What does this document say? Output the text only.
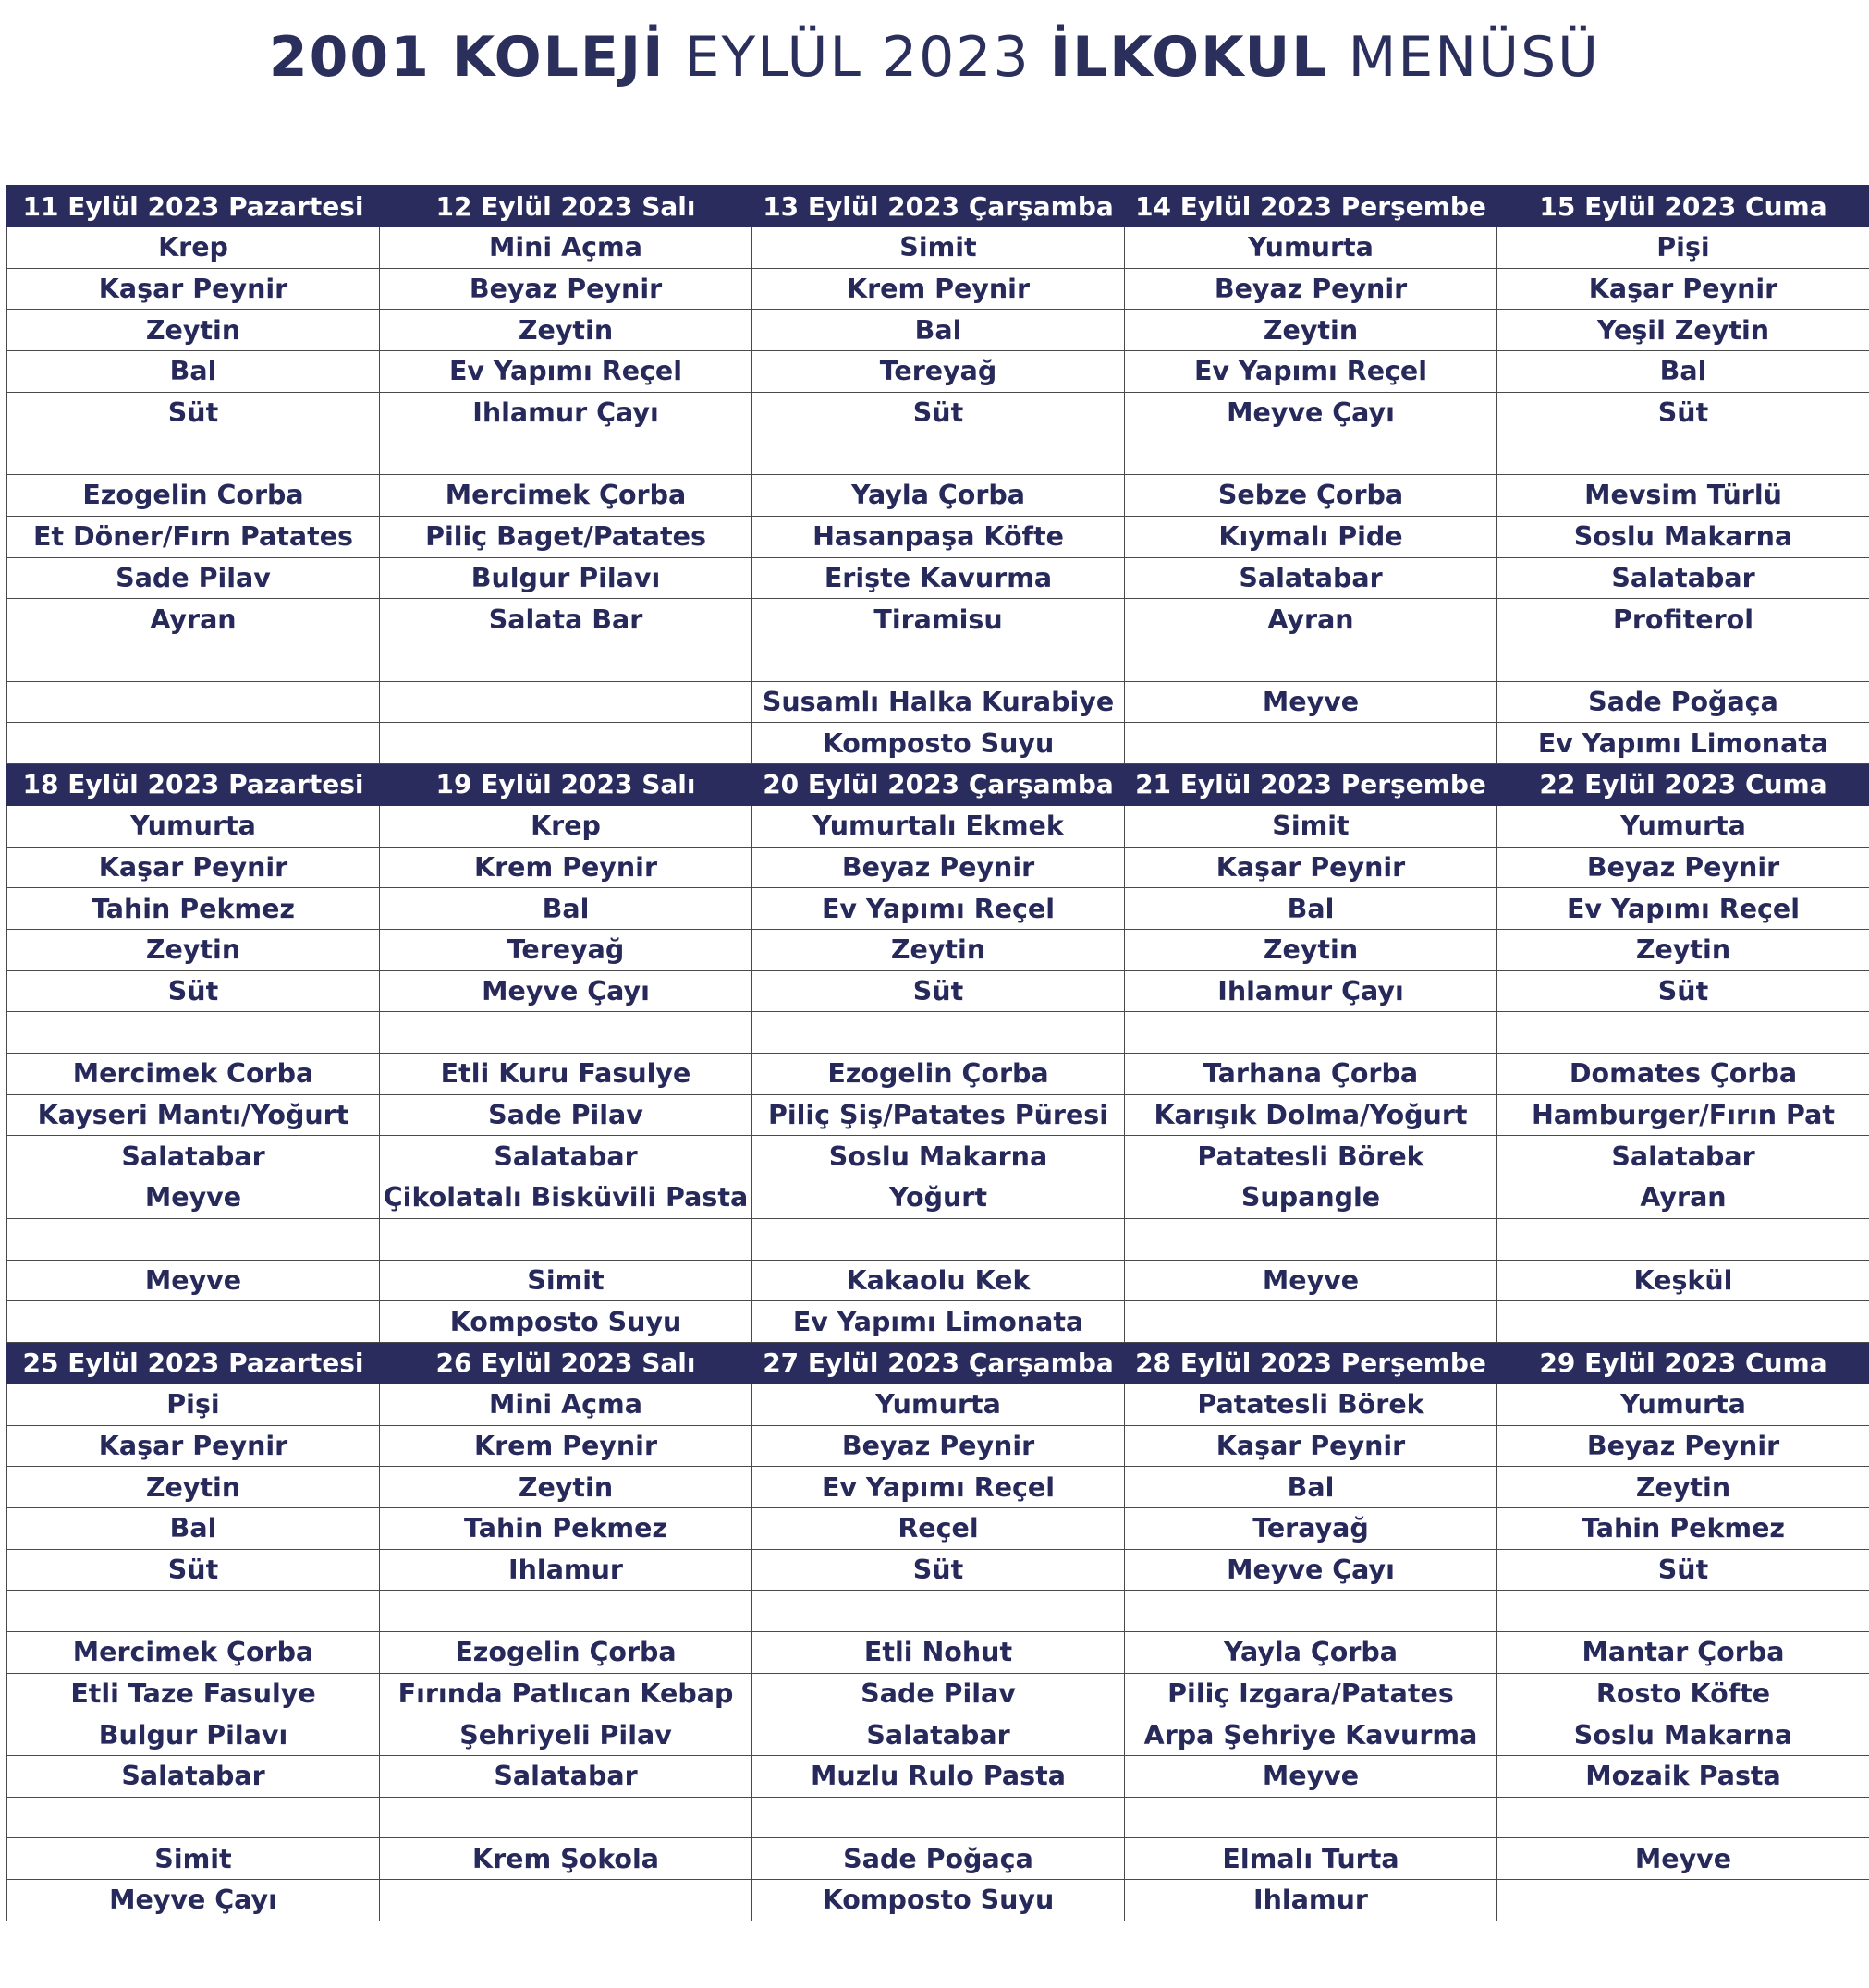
2001 KOLEJİ EYLÜL 2023 İLKOKUL MENÜSÜ
11 Eylül 2023 Pazartesi	12 Eylül 2023 Salı	13 Eylül 2023 Çarşamba	14 Eylül 2023 Perşembe	15 Eylül 2023 Cuma
Krep	Mini Açma	Simit	Yumurta	Pişi
Kaşar Peynir	Beyaz Peynir	Krem Peynir	Beyaz Peynir	Kaşar Peynir
Zeytin	Zeytin	Bal	Zeytin	Yeşil Zeytin
Bal	Ev Yapımı Reçel	Tereyağ	Ev Yapımı Reçel	Bal
Süt	Ihlamur Çayı	Süt	Meyve Çayı	Süt

Ezogelin Corba	Mercimek Çorba	Yayla Çorba	Sebze Çorba	Mevsim Türlü
Et Döner/Fırn Patates	Piliç Baget/Patates	Hasanpaşa Köfte	Kıymalı Pide	Soslu Makarna
Sade Pilav	Bulgur Pilavı	Erişte Kavurma	Salatabar	Salatabar
Ayran	Salata Bar	Tiramisu	Ayran	Profiterol

		Susamlı Halka Kurabiye	Meyve	Sade Poğaça
		Komposto Suyu		Ev Yapımı Limonata
18 Eylül 2023 Pazartesi	19 Eylül 2023 Salı	20 Eylül 2023 Çarşamba	21 Eylül 2023 Perşembe	22 Eylül 2023 Cuma
Yumurta	Krep	Yumurtalı Ekmek	Simit	Yumurta
Kaşar Peynir	Krem Peynir	Beyaz Peynir	Kaşar Peynir	Beyaz Peynir
Tahin Pekmez	Bal	Ev Yapımı Reçel	Bal	Ev Yapımı Reçel
Zeytin	Tereyağ	Zeytin	Zeytin	Zeytin
Süt	Meyve Çayı	Süt	Ihlamur Çayı	Süt

Mercimek Corba	Etli Kuru Fasulye	Ezogelin Çorba	Tarhana Çorba	Domates Çorba
Kayseri Mantı/Yoğurt	Sade Pilav	Piliç Şiş/Patates Püresi	Karışık Dolma/Yoğurt	Hamburger/Fırın Pat
Salatabar	Salatabar	Soslu Makarna	Patatesli Börek	Salatabar
Meyve	Çikolatalı Bisküvili Pasta	Yoğurt	Supangle	Ayran

Meyve	Simit	Kakaolu Kek	Meyve	Keşkül
	Komposto Suyu	Ev Yapımı Limonata		
25 Eylül 2023 Pazartesi	26 Eylül 2023 Salı	27 Eylül 2023 Çarşamba	28 Eylül 2023 Perşembe	29 Eylül 2023 Cuma
Pişi	Mini Açma	Yumurta	Patatesli Börek	Yumurta
Kaşar Peynir	Krem Peynir	Beyaz Peynir	Kaşar Peynir	Beyaz Peynir
Zeytin	Zeytin	Ev Yapımı Reçel	Bal	Zeytin
Bal	Tahin Pekmez	Reçel	Terayağ	Tahin Pekmez
Süt	Ihlamur	Süt	Meyve Çayı	Süt

Mercimek Çorba	Ezogelin Çorba	Etli Nohut	Yayla Çorba	Mantar Çorba
Etli Taze Fasulye	Fırında Patlıcan Kebap	Sade Pilav	Piliç Izgara/Patates	Rosto Köfte
Bulgur Pilavı	Şehriyeli Pilav	Salatabar	Arpa Şehriye Kavurma	Soslu Makarna
Salatabar	Salatabar	Muzlu Rulo Pasta	Meyve	Mozaik Pasta

Simit	Krem Şokola	Sade Poğaça	Elmalı Turta	Meyve
Meyve Çayı		Komposto Suyu	Ihlamur	
